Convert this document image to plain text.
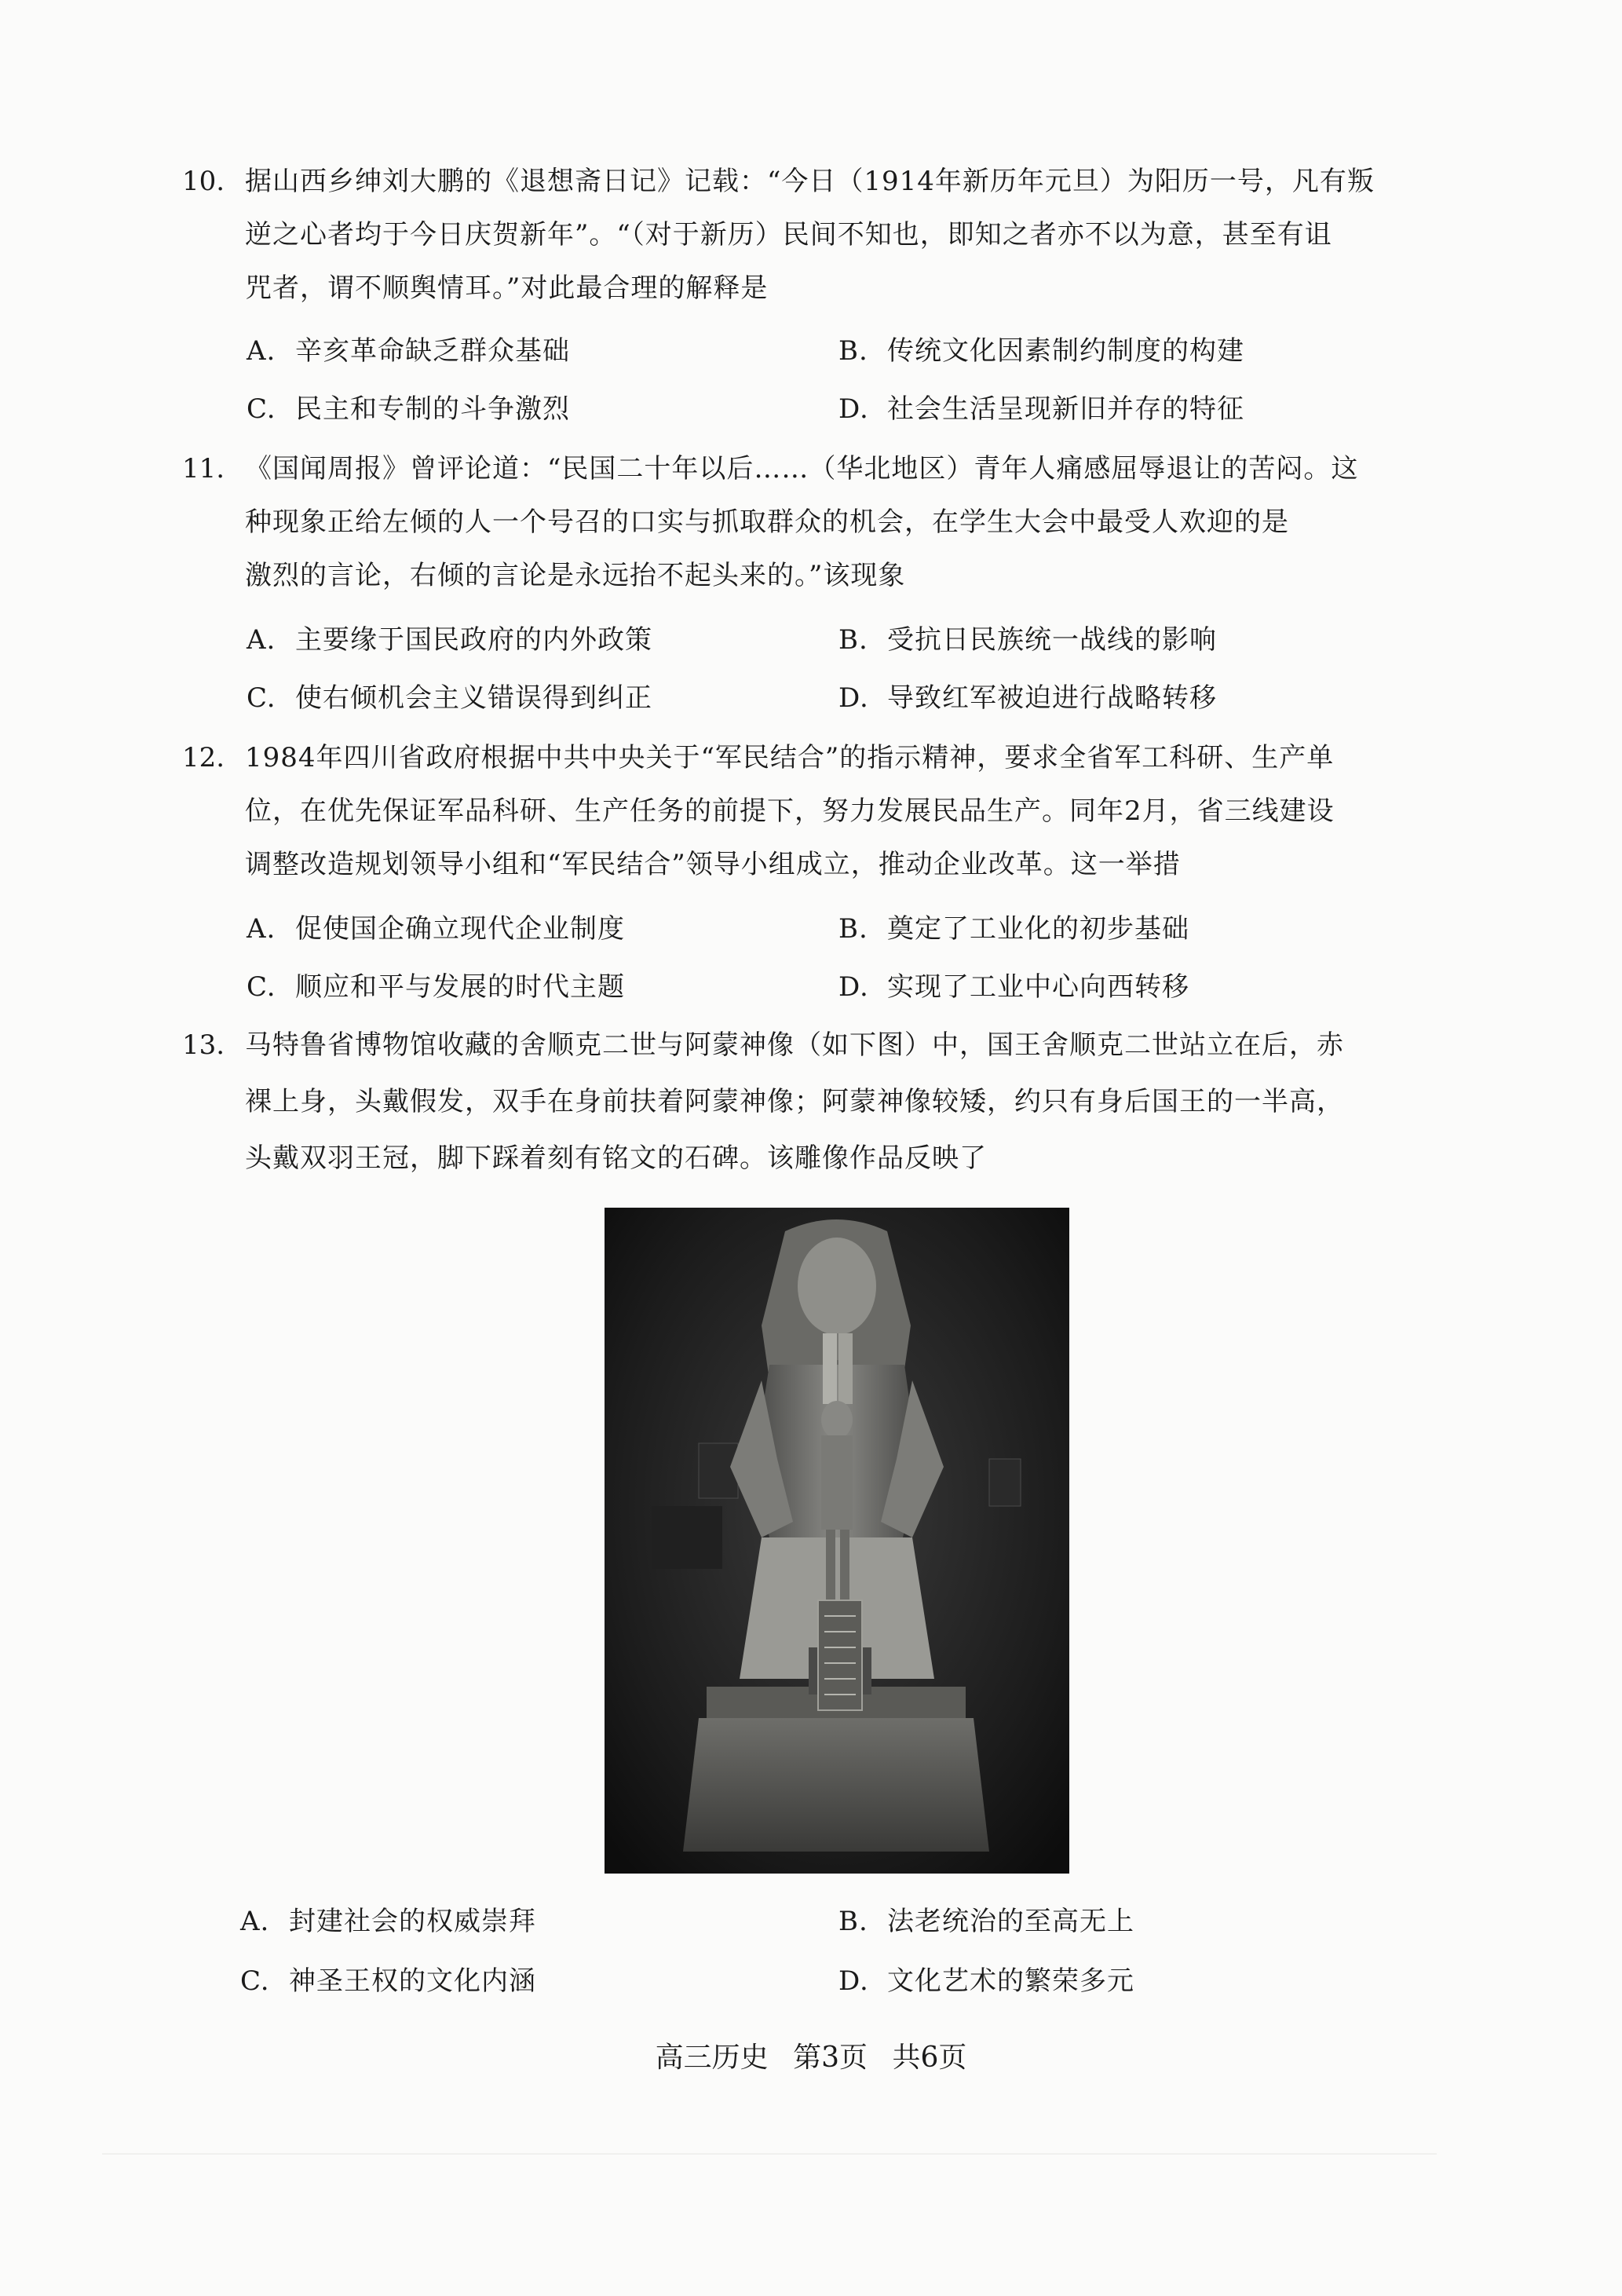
10. 据山西乡绅刘大鹏的《退想斋日记》记载：“今日（1914年新历年元旦）为阳历一号，凡有叛
逆之心者均于今日庆贺新年”。“（对于新历）民间不知也，即知之者亦不以为意，甚至有诅
咒者，谓不顺舆情耳。”对此最合理的解释是
A. 辛亥革命缺乏群众基础	B. 传统文化因素制约制度的构建
C. 民主和专制的斗争激烈	D. 社会生活呈现新旧并存的特征
11. 《国闻周报》曾评论道：“民国二十年以后……（华北地区）青年人痛感屈辱退让的苦闷。这
种现象正给左倾的人一个号召的口实与抓取群众的机会，在学生大会中最受人欢迎的是
激烈的言论，右倾的言论是永远抬不起头来的。”该现象
A. 主要缘于国民政府的内外政策	B. 受抗日民族统一战线的影响
C. 使右倾机会主义错误得到纠正	D. 导致红军被迫进行战略转移
12. 1984年四川省政府根据中共中央关于“军民结合”的指示精神，要求全省军工科研、生产单
位，在优先保证军品科研、生产任务的前提下，努力发展民品生产。同年2月，省三线建设
调整改造规划领导小组和“军民结合”领导小组成立，推动企业改革。这一举措
A. 促使国企确立现代企业制度	B. 奠定了工业化的初步基础
C. 顺应和平与发展的时代主题	D. 实现了工业中心向西转移
13. 马特鲁省博物馆收藏的舍顺克二世与阿蒙神像（如下图）中，国王舍顺克二世站立在后，赤
裸上身，头戴假发，双手在身前扶着阿蒙神像；阿蒙神像较矮，约只有身后国王的一半高，
头戴双羽王冠，脚下踩着刻有铭文的石碑。该雕像作品反映了
A. 封建社会的权威崇拜	B. 法老统治的至高无上
C. 神圣王权的文化内涵	D. 文化艺术的繁荣多元
高三历史 第3页 共6页
